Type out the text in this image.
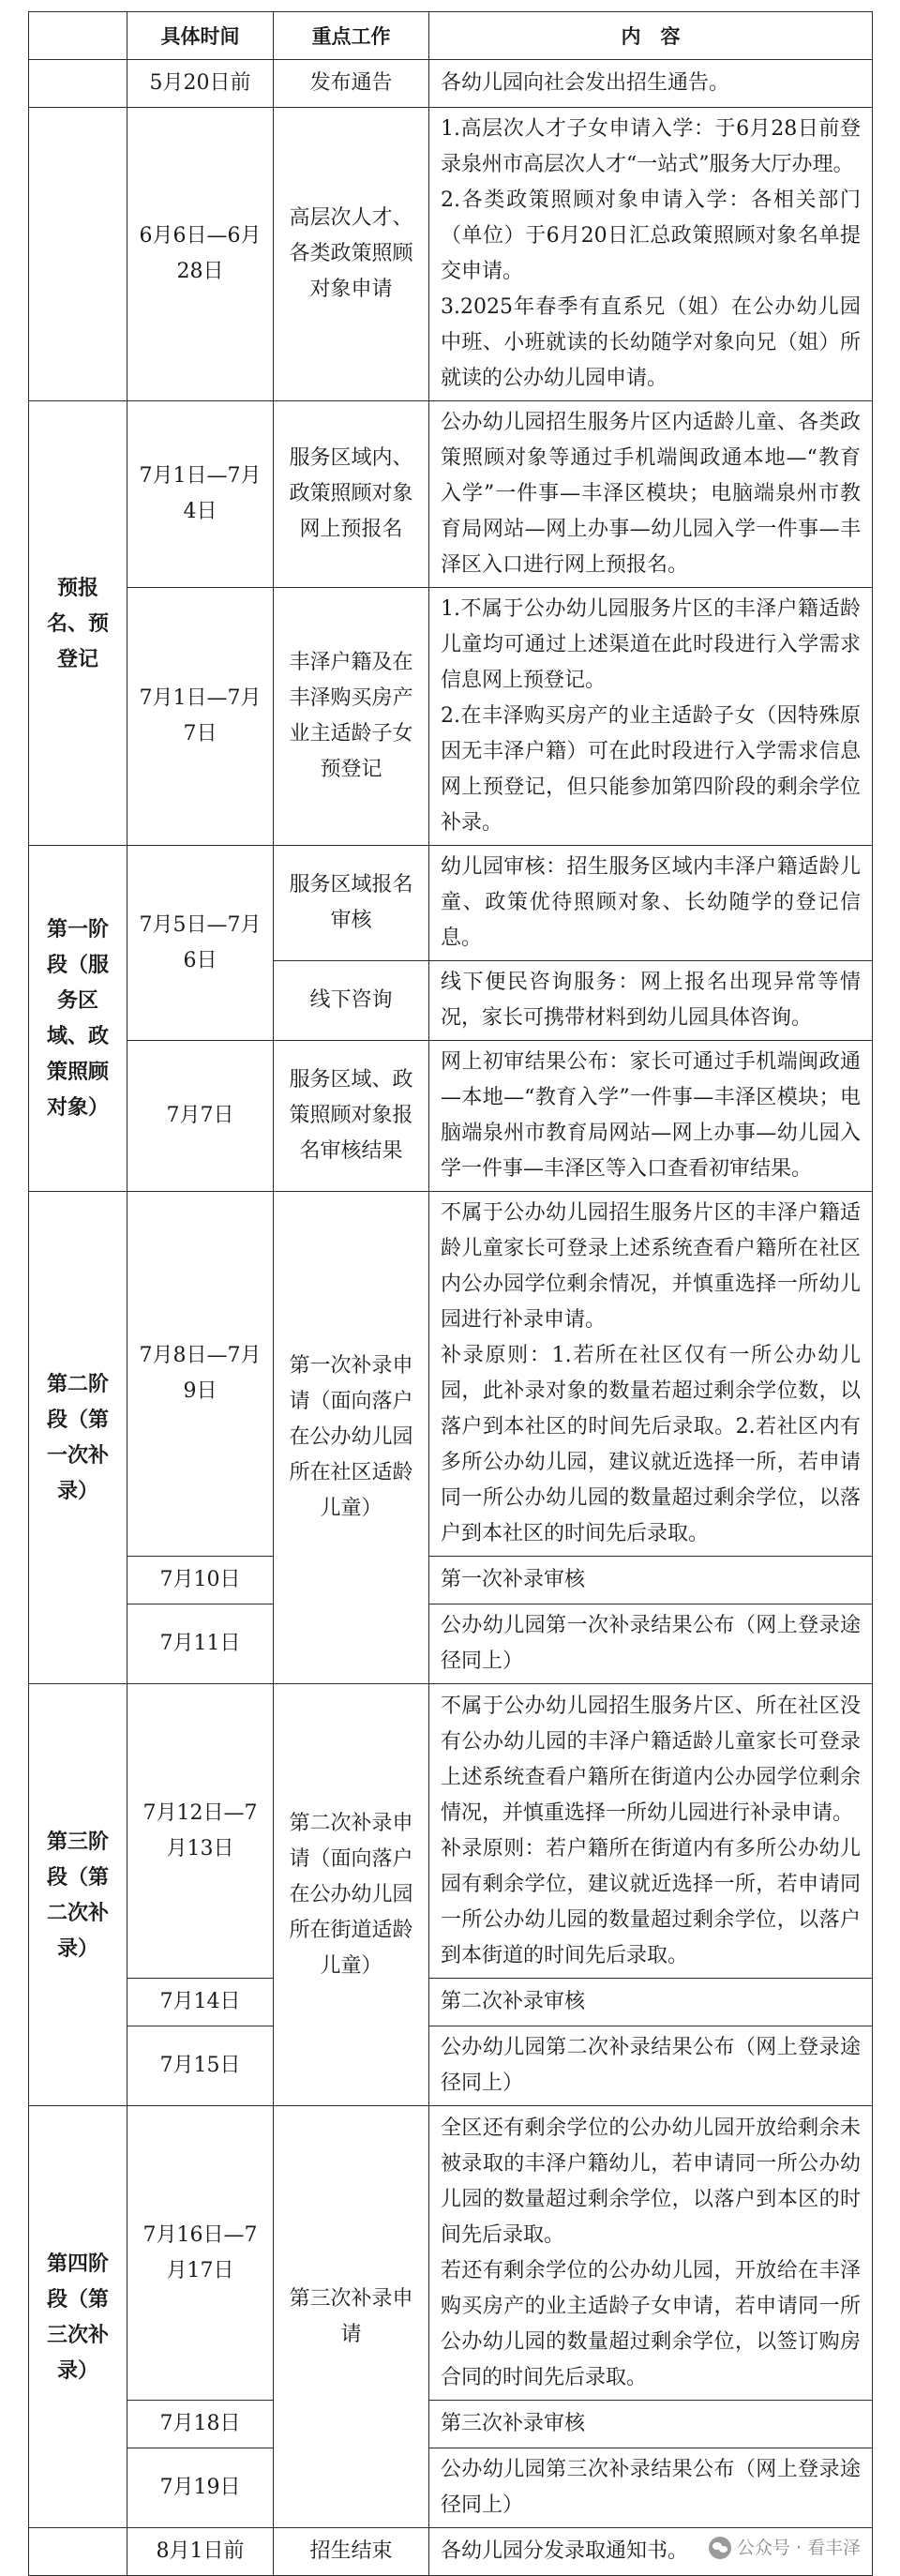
	具体时间	重点工作	内　容
	5月20日前	发布通告	各幼儿园向社会发出招生通告。
	6月6日—6月28日	高层次人才、各类政策照顾对象申请	1.高层次人才子女申请入学：于6月28日前登录泉州市高层次人才“一站式”服务大厅办理。
2.各类政策照顾对象申请入学：各相关部门（单位）于6月20日汇总政策照顾对象名单提交申请。
3.2025年春季有直系兄（姐）在公办幼儿园中班、小班就读的长幼随学对象向兄（姐）所就读的公办幼儿园申请。

预报名、预登记	7月1日—7月4日	服务区域内、政策照顾对象网上预报名	公办幼儿园招生服务片区内适龄儿童、各类政策照顾对象等通过手机端闽政通本地—“教育入学”一件事—丰泽区模块；电脑端泉州市教育局网站—网上办事—幼儿园入学一件事—丰泽区入口进行网上预报名。
	7月1日—7月7日	丰泽户籍及在丰泽购买房产业主适龄子女预登记	1.不属于公办幼儿园服务片区的丰泽户籍适龄儿童均可通过上述渠道在此时段进行入学需求信息网上预登记。
2.在丰泽购买房产的业主适龄子女（因特殊原因无丰泽户籍）可在此时段进行入学需求信息网上预登记，但只能参加第四阶段的剩余学位补录。

第一阶段（服务区域、政策照顾对象）	7月5日—7月6日	服务区域报名审核	幼儿园审核：招生服务区域内丰泽户籍适龄儿童、政策优待照顾对象、长幼随学的登记信息。
		线下咨询	线下便民咨询服务：网上报名出现异常等情况，家长可携带材料到幼儿园具体咨询。
	7月7日	服务区域、政策照顾对象报名审核结果	网上初审结果公布：家长可通过手机端闽政通—本地—“教育入学”一件事—丰泽区模块；电脑端泉州市教育局网站—网上办事—幼儿园入学一件事—丰泽区等入口查看初审结果。
第二阶段（第一次补录）	7月8日—7月9日	第一次补录申请（面向落户在公办幼儿园所在社区适龄儿童）	不属于公办幼儿园招生服务片区的丰泽户籍适龄儿童家长可登录上述系统查看户籍所在社区内公办园学位剩余情况，并慎重选择一所幼儿园进行补录申请。
补录原则：1.若所在社区仅有一所公办幼儿园，此补录对象的数量若超过剩余学位数，以落户到本社区的时间先后录取。2.若社区内有多所公办幼儿园，建议就近选择一所，若申请同一所公办幼儿园的数量超过剩余学位，以落户到本社区的时间先后录取。

	7月10日		第一次补录审核
	7月11日		公办幼儿园第一次补录结果公布（网上登录途径同上）
第三阶段（第二次补录）	7月12日—7月13日	第二次补录申请（面向落户在公办幼儿园所在街道适龄儿童）	不属于公办幼儿园招生服务片区、所在社区没有公办幼儿园的丰泽户籍适龄儿童家长可登录上述系统查看户籍所在街道内公办园学位剩余情况，并慎重选择一所幼儿园进行补录申请。
补录原则：若户籍所在街道内有多所公办幼儿园有剩余学位，建议就近选择一所，若申请同一所公办幼儿园的数量超过剩余学位，以落户到本街道的时间先后录取。

	7月14日		第二次补录审核
	7月15日		公办幼儿园第二次补录结果公布（网上登录途径同上）
第四阶段（第三次补录）	7月16日—7月17日	第三次补录申请	全区还有剩余学位的公办幼儿园开放给剩余未被录取的丰泽户籍幼儿，若申请同一所公办幼儿园的数量超过剩余学位，以落户到本区的时间先后录取。
若还有剩余学位的公办幼儿园，开放给在丰泽购买房产的业主适龄子女申请，若申请同一所公办幼儿园的数量超过剩余学位，以签订购房合同的时间先后录取。

	7月18日		第三次补录审核
	7月19日		公办幼儿园第三次补录结果公布（网上登录途径同上）
	8月1日前	招生结束	各幼儿园分发录取通知书。 公众号 · 看丰泽
